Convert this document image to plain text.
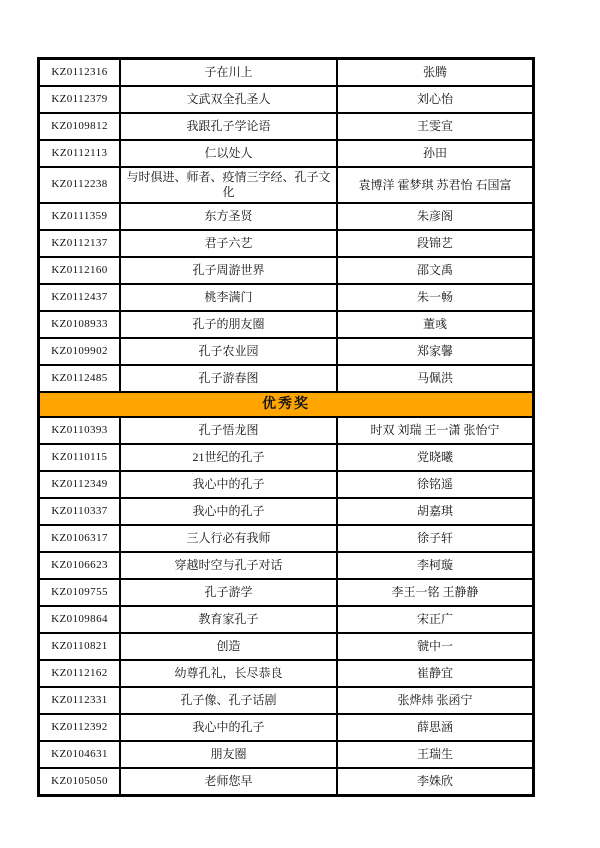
KZ0112316	子在川上	张腾
KZ0112379	文武双全孔圣人	刘心怡
KZ0109812	我跟孔子学论语	王雯宣
KZ0112113	仁以处人	孙田
KZ0112238	与时俱进、师者、疫情三字经、孔子文化	袁博洋 霍梦琪 苏君怡 石国富
KZ0111359	东方圣贤	朱彦阁
KZ0112137	君子六艺	段锦艺
KZ0112160	孔子周游世界	邵文禹
KZ0112437	桃李满门	朱一畅
KZ0108933	孔子的朋友圈	董彧
KZ0109902	孔子农业园	郑家馨
KZ0112485	孔子游春图	马佩洪
优秀奖		
KZ0110393	孔子悟龙图	时双 刘瑞 王一潇 张怡宁
KZ0110115	21世纪的孔子	党晓曦
KZ0112349	我心中的孔子	徐铭遥
KZ0110337	我心中的孔子	胡嘉琪
KZ0106317	三人行必有我师	徐子轩
KZ0106623	穿越时空与孔子对话	李柯璇
KZ0109755	孔子游学	李王一铭 王静静
KZ0109864	教育家孔子	宋正广
KZ0110821	创造	虢中一
KZ0112162	幼尊孔礼，长尽恭良	崔静宜
KZ0112331	孔子像、孔子话剧	张烨炜 张函宁
KZ0112392	我心中的孔子	薛思涵
KZ0104631	朋友圈	王瑞生
KZ0105050	老师您早	李姝欣
